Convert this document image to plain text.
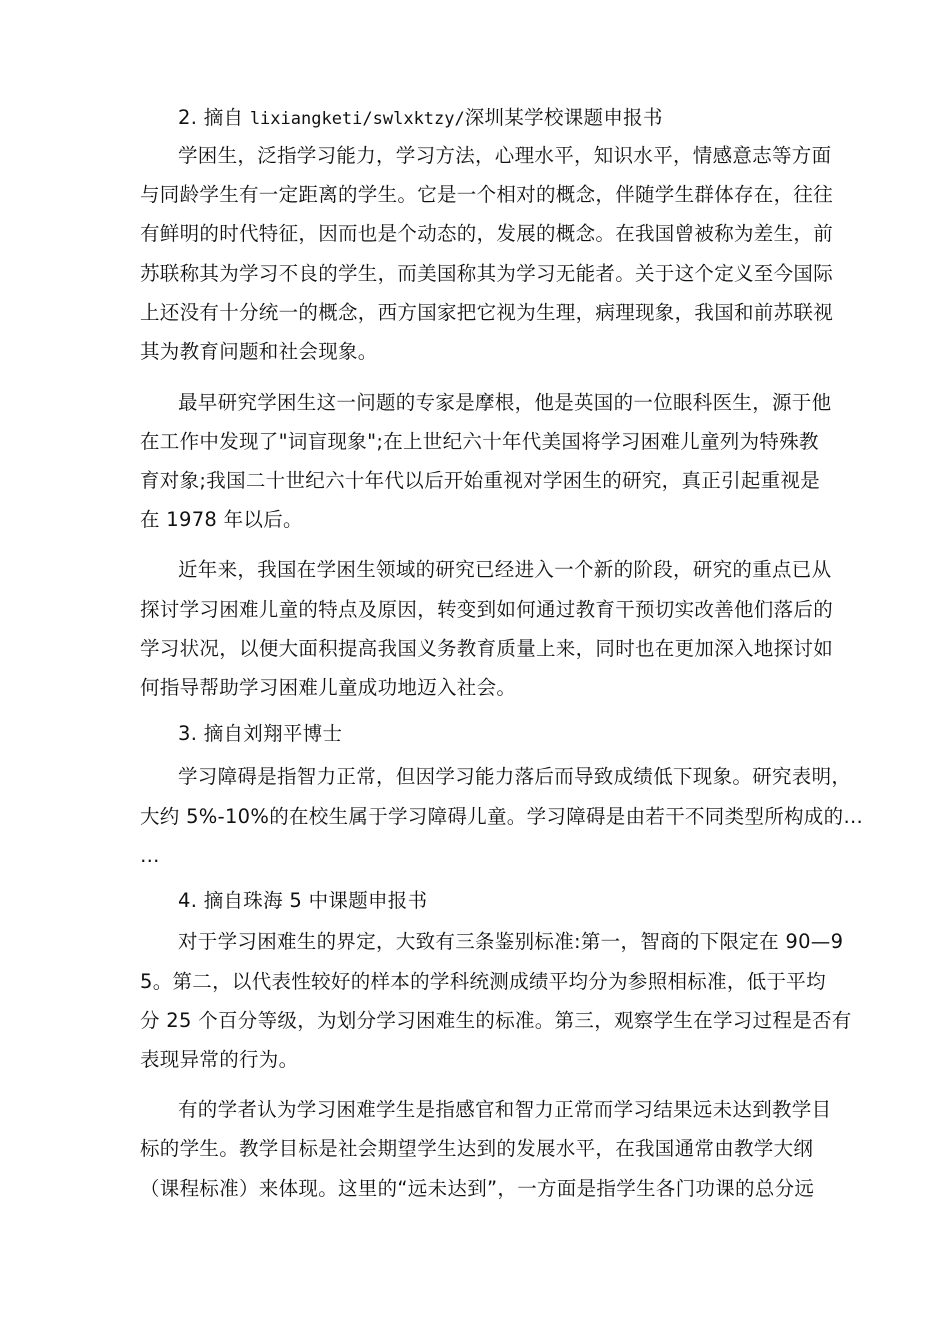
2. 摘自 lixiangketi/swlxktzy/深圳某学校课题申报书
学困生，泛指学习能力，学习方法，心理水平，知识水平，情感意志等方面
与同龄学生有一定距离的学生。它是一个相对的概念，伴随学生群体存在，往往
有鲜明的时代特征，因而也是个动态的，发展的概念。在我国曾被称为差生，前
苏联称其为学习不良的学生，而美国称其为学习无能者。关于这个定义至今国际
上还没有十分统一的概念，西方国家把它视为生理，病理现象，我国和前苏联视
其为教育问题和社会现象。
最早研究学困生这一问题的专家是摩根，他是英国的一位眼科医生，源于他
在工作中发现了"词盲现象";在上世纪六十年代美国将学习困难儿童列为特殊教
育对象;我国二十世纪六十年代以后开始重视对学困生的研究，真正引起重视是
在 1978 年以后。
近年来，我国在学困生领域的研究已经进入一个新的阶段，研究的重点已从
探讨学习困难儿童的特点及原因，转变到如何通过教育干预切实改善他们落后的
学习状况，以便大面积提高我国义务教育质量上来，同时也在更加深入地探讨如
何指导帮助学习困难儿童成功地迈入社会。
3. 摘自刘翔平博士
学习障碍是指智力正常，但因学习能力落后而导致成绩低下现象。研究表明，
大约 5%-10%的在校生属于学习障碍儿童。学习障碍是由若干不同类型所构成的…
…
4. 摘自珠海 5 中课题申报书
对于学习困难生的界定，大致有三条鉴别标准:第一，智商的下限定在 90—9
5。第二，以代表性较好的样本的学科统测成绩平均分为参照相标准，低于平均
分 25 个百分等级，为划分学习困难生的标准。第三，观察学生在学习过程是否有
表现异常的行为。
有的学者认为学习困难学生是指感官和智力正常而学习结果远未达到教学目
标的学生。教学目标是社会期望学生达到的发展水平，在我国通常由教学大纲
（课程标准）来体现。这里的“远未达到”，一方面是指学生各门功课的总分远
